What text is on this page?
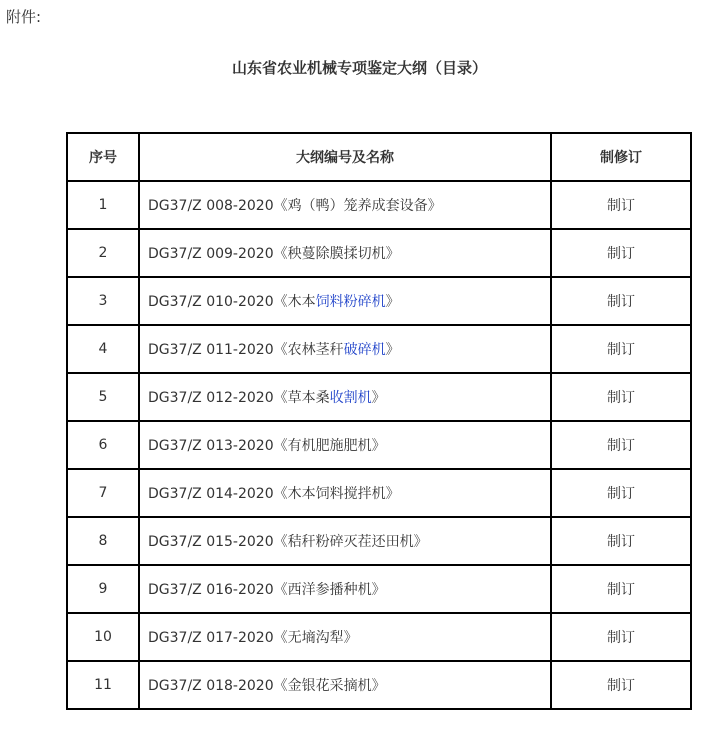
附件:
山东省农业机械专项鉴定大纲（目录）
序号	大纲编号及名称	制修订
1	DG37/Z 008-2020《鸡（鸭）笼养成套设备》	制订
2	DG37/Z 009-2020《秧蔓除膜揉切机》	制订
3	DG37/Z 010-2020《木本饲料粉碎机》	制订
4	DG37/Z 011-2020《农林茎秆破碎机》	制订
5	DG37/Z 012-2020《草本桑收割机》	制订
6	DG37/Z 013-2020《有机肥施肥机》	制订
7	DG37/Z 014-2020《木本饲料搅拌机》	制订
8	DG37/Z 015-2020《秸秆粉碎灭茬还田机》	制订
9	DG37/Z 016-2020《西洋参播种机》	制订
10	DG37/Z 017-2020《无墒沟犁》	制订
11	DG37/Z 018-2020《金银花采摘机》	制订
